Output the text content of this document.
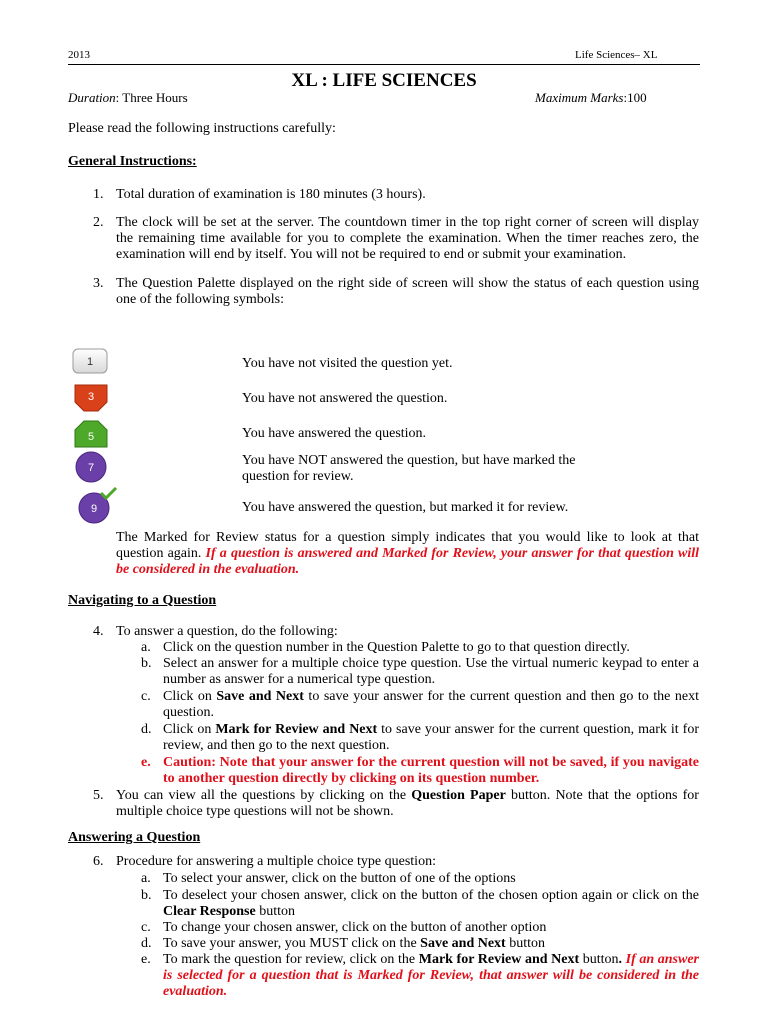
2013	Life Sciences– XL
XL : LIFE SCIENCES
Duration: Three Hours	Maximum Marks:100
Please read the following instructions carefully:
General Instructions:
1. Total duration of examination is 180 minutes (3 hours).
2. The clock will be set at the server. The countdown timer in the top right corner of screen will display the remaining time available for you to complete the examination. When the timer reaches zero, the examination will end by itself. You will not be required to end or submit your examination.
3. The Question Palette displayed on the right side of screen will show the status of each question using one of the following symbols:
1	You have not visited the question yet.
3	You have not answered the question.
5	You have answered the question.
7	You have NOT answered the question, but have marked the
question for review.
9	You have answered the question, but marked it for review.
The Marked for Review status for a question simply indicates that you would like to look at that question again. If a question is answered and Marked for Review, your answer for that question will be considered in the evaluation.
Navigating to a Question
4. To answer a question, do the following:
a. Click on the question number in the Question Palette to go to that question directly.
b. Select an answer for a multiple choice type question. Use the virtual numeric keypad to enter a number as answer for a numerical type question.
c. Click on Save and Next to save your answer for the current question and then go to the next question.
d. Click on Mark for Review and Next to save your answer for the current question, mark it for review, and then go to the next question.
e. Caution: Note that your answer for the current question will not be saved, if you navigate to another question directly by clicking on its question number.
5. You can view all the questions by clicking on the Question Paper button. Note that the options for multiple choice type questions will not be shown.
Answering a Question
6. Procedure for answering a multiple choice type question:
a. To select your answer, click on the button of one of the options
b. To deselect your chosen answer, click on the button of the chosen option again or click on the Clear Response button
c. To change your chosen answer, click on the button of another option
d. To save your answer, you MUST click on the Save and Next button
e. To mark the question for review, click on the Mark for Review and Next button. If an answer is selected for a question that is Marked for Review, that answer will be considered in the evaluation.
